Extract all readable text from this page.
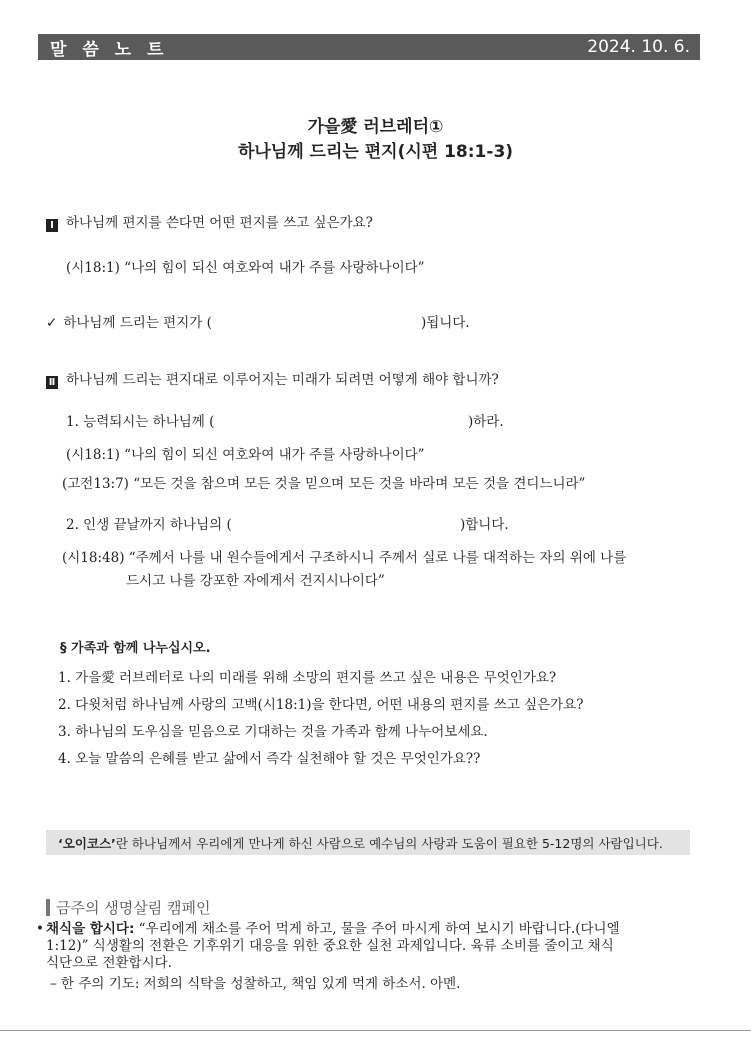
말 씀 노 트	2024. 10. 6.
가을愛 러브레터①
하나님께 드리는 편지(시편 18:1-3)
Ⅰ 하나님께 편지를 쓴다면 어떤 편지를 쓰고 싶은가요?
(시18:1) “나의 힘이 되신 여호와여 내가 주를 사랑하나이다”
✓ 하나님께 드리는 편지가 (	)됩니다.
Ⅱ 하나님께 드리는 편지대로 이루어지는 미래가 되려면 어떻게 해야 합니까?
1. 능력되시는 하나님께 (	)하라.
(시18:1) “나의 힘이 되신 여호와여 내가 주를 사랑하나이다”
(고전13:7) “모든 것을 참으며 모든 것을 믿으며 모든 것을 바라며 모든 것을 견디느니라”
2. 인생 끝날까지 하나님의 (	)합니다.
(시18:48) “주께서 나를 내 원수들에게서 구조하시니 주께서 실로 나를 대적하는 자의 위에 나를
드시고 나를 강포한 자에게서 건지시나이다”
§ 가족과 함께 나누십시오.
1. 가을愛 러브레터로 나의 미래를 위해 소망의 편지를 쓰고 싶은 내용은 무엇인가요?
2. 다윗처럼 하나님께 사랑의 고백(시18:1)을 한다면, 어떤 내용의 편지를 쓰고 싶은가요?
3. 하나님의 도우심을 믿음으로 기대하는 것을 가족과 함께 나누어보세요.
4. 오늘 말씀의 은혜를 받고 삶에서 즉각 실천해야 할 것은 무엇인가요??
‘오이코스’ 란 하나님께서 우리에게 만나게 하신 사람으로 예수님의 사랑과 도움이 필요한 5-12명의 사람입니다.
금주의 생명살림 캠페인
• 채식을 합시다: “우리에게 채소를 주어 먹게 하고, 물을 주어 마시게 하여 보시기 바랍니다.(다니엘
1:12)” 식생활의 전환은 기후위기 대응을 위한 중요한 실천 과제입니다. 육류 소비를 줄이고 채식
식단으로 전환합시다.
– 한 주의 기도: 저희의 식탁을 성찰하고, 책임 있게 먹게 하소서. 아멘.
